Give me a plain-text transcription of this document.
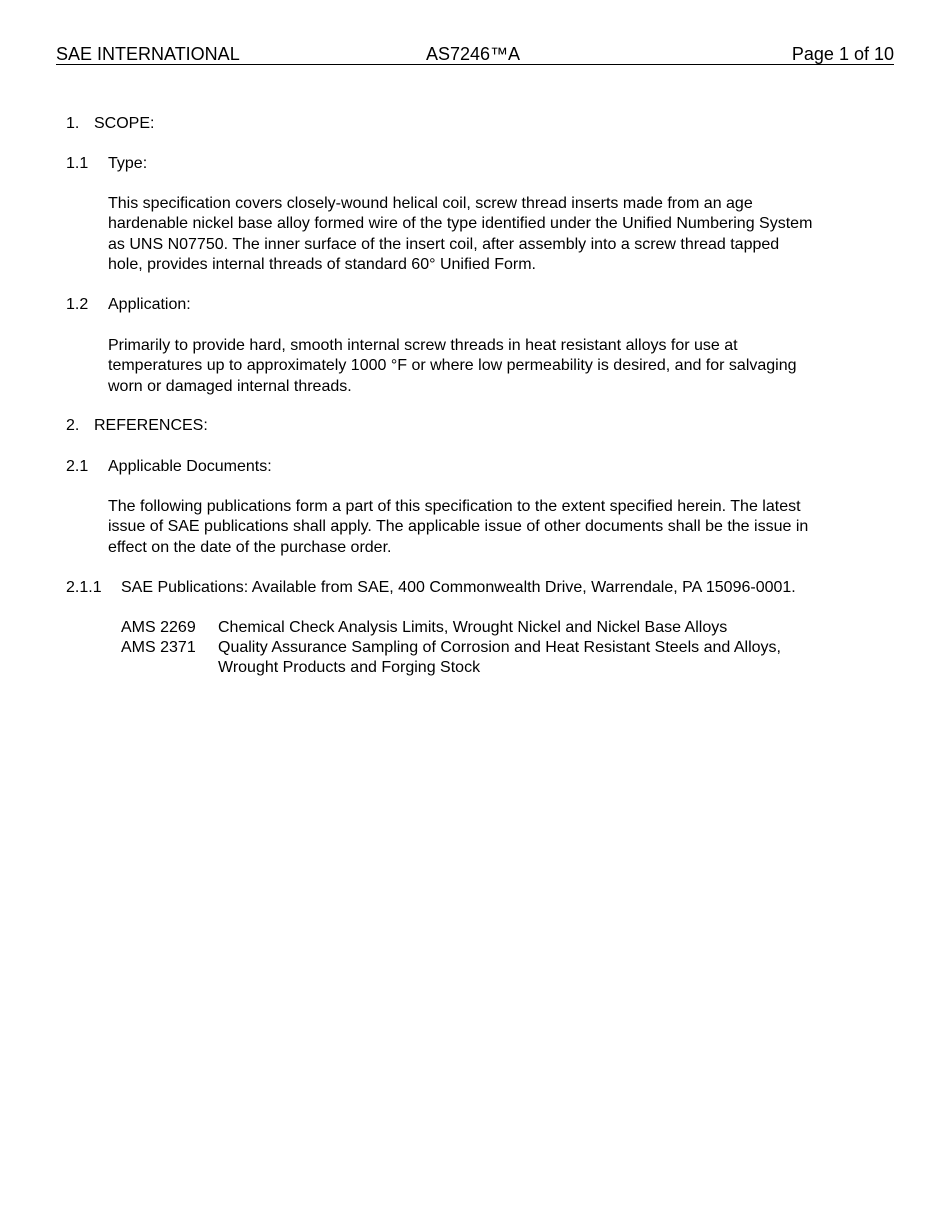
SAE INTERNATIONAL	AS7246™A	Page 1 of 10
1. SCOPE:
1.1 Type:
This specification covers closely-wound helical coil, screw thread inserts made from an age
hardenable nickel base alloy formed wire of the type identified under the Unified Numbering System
as UNS N07750. The inner surface of the insert coil, after assembly into a screw thread tapped
hole, provides internal threads of standard 60° Unified Form.
1.2 Application:
Primarily to provide hard, smooth internal screw threads in heat resistant alloys for use at
temperatures up to approximately 1000 °F or where low permeability is desired, and for salvaging
worn or damaged internal threads.
2. REFERENCES:
2.1 Applicable Documents:
The following publications form a part of this specification to the extent specified herein. The latest
issue of SAE publications shall apply. The applicable issue of other documents shall be the issue in
effect on the date of the purchase order.
2.1.1 SAE Publications: Available from SAE, 400 Commonwealth Drive, Warrendale, PA 15096-0001.
AMS 2269 Chemical Check Analysis Limits, Wrought Nickel and Nickel Base Alloys
AMS 2371 Quality Assurance Sampling of Corrosion and Heat Resistant Steels and Alloys,
Wrought Products and Forging Stock
